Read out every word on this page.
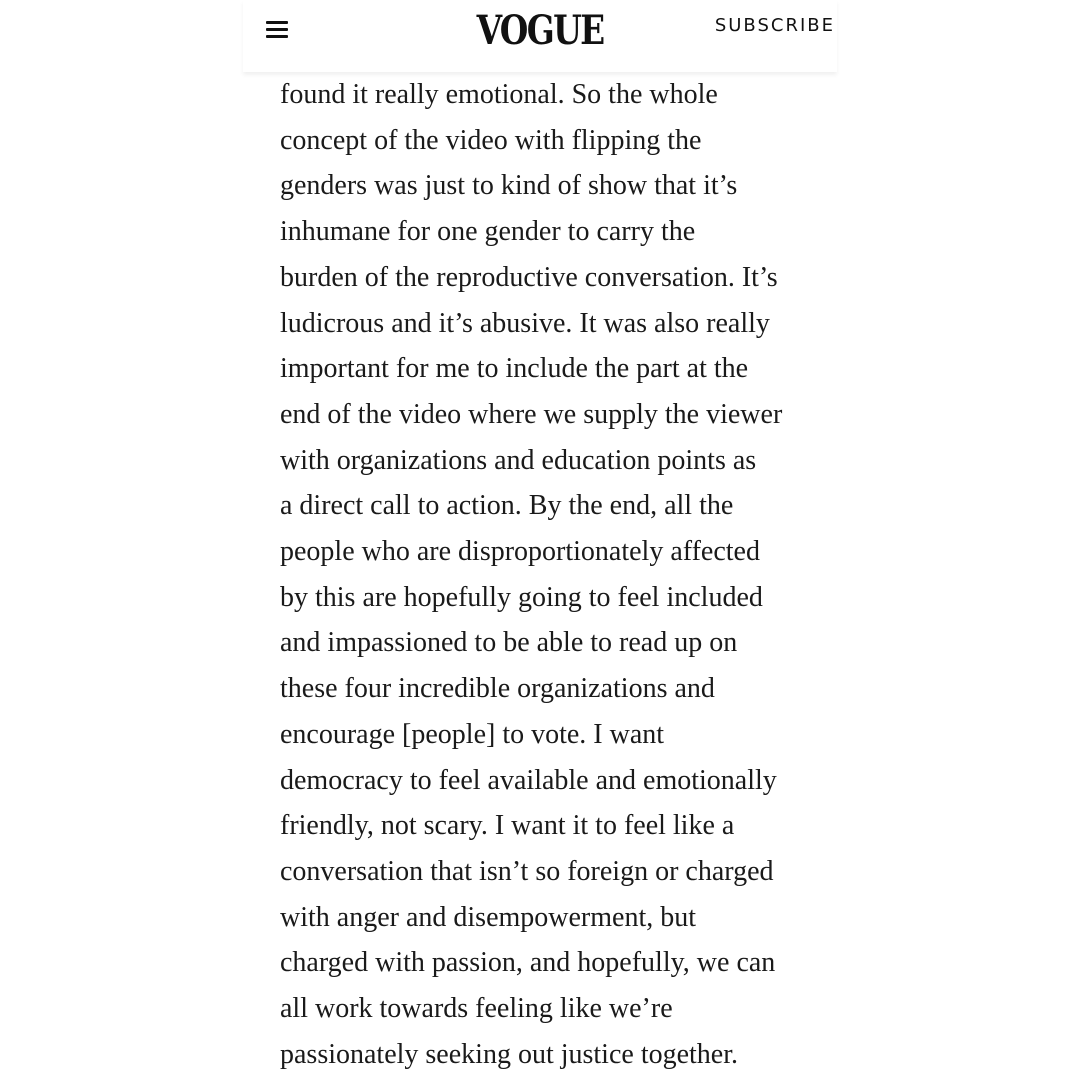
VOGUE	SUBSCRIBE

found it really emotional. So the whole
concept of the video with flipping the
genders was just to kind of show that it’s
inhumane for one gender to carry the
burden of the reproductive conversation. It’s
ludicrous and it’s abusive. It was also really
important for me to include the part at the
end of the video where we supply the viewer
with organizations and education points as
a direct call to action. By the end, all the
people who are disproportionately affected
by this are hopefully going to feel included
and impassioned to be able to read up on
these four incredible organizations and
encourage [people] to vote. I want
democracy to feel available and emotionally
friendly, not scary. I want it to feel like a
conversation that isn’t so foreign or charged
with anger and disempowerment, but
charged with passion, and hopefully, we can
all work towards feeling like we’re
passionately seeking out justice together.
